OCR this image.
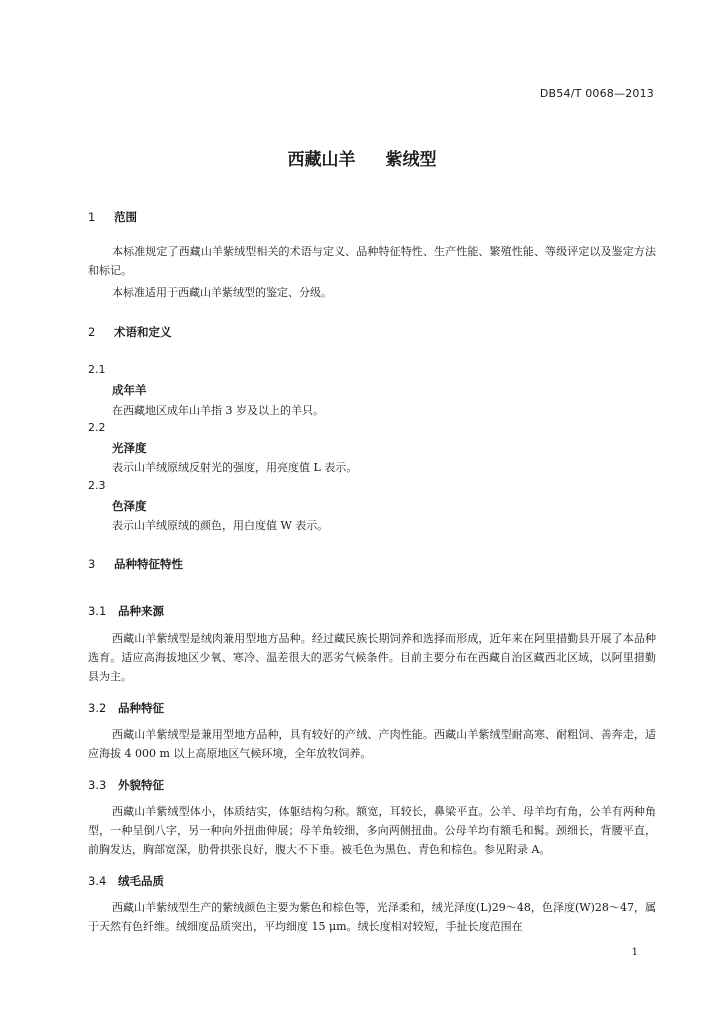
DB54/T 0068—2013
西藏山羊 紫绒型
1 范围
本标准规定了西藏山羊紫绒型相关的术语与定义、品种特征特性、生产性能、繁殖性能、等级评定以及鉴定方法和标记。
本标准适用于西藏山羊紫绒型的鉴定、分级。
2 术语和定义
2.1
成年羊
在西藏地区成年山羊指 3 岁及以上的羊只。
2.2
光泽度
表示山羊绒原绒反射光的强度，用亮度值 L 表示。
2.3
色泽度
表示山羊绒原绒的颜色，用白度值 W 表示。
3 品种特征特性
3.1 品种来源
西藏山羊紫绒型是绒肉兼用型地方品种。经过藏民族长期饲养和选择而形成，近年来在阿里措勤县开展了本品种选育。适应高海拔地区少氧、寒冷、温差很大的恶劣气候条件。目前主要分布在西藏自治区藏西北区域，以阿里措勤县为主。
3.2 品种特征
西藏山羊紫绒型是兼用型地方品种，具有较好的产绒、产肉性能。西藏山羊紫绒型耐高寒、耐粗饲、善奔走，适应海拔 4 000 m 以上高原地区气候环境，全年放牧饲养。
3.3 外貌特征
西藏山羊紫绒型体小，体质结实，体躯结构匀称。额宽，耳较长，鼻梁平直。公羊、母羊均有角，公羊有两种角型，一种呈倒八字，另一种向外扭曲伸展；母羊角较细，多向两侧扭曲。公母羊均有额毛和髯。颈细长，背腰平直，前胸发达，胸部宽深，肋骨拱张良好，腹大不下垂。被毛色为黑色、青色和棕色。参见附录 A。
3.4 绒毛品质
西藏山羊紫绒型生产的紫绒颜色主要为紫色和棕色等，光泽柔和，绒光泽度(L)29～48，色泽度(W)28～47，属于天然有色纤维。绒细度品质突出，平均细度 15 μm。绒长度相对较短，手扯长度范围在
1
